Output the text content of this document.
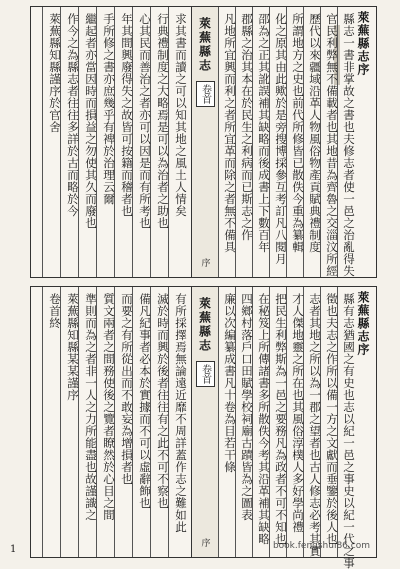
萊蕪縣志序
萊蕪縣志
卷首
序	縣志一書非掌故之書也夫修志者使一邑之治亂得失
官民利弊無不備載者也其地昔為齊魯之交淄汶所經
歷代以來疆域沿革人物風俗物產貢賦典禮制度
所謂地方之史也前代所修皆已散佚今重為纂輯
化之原其由此歟於是旁搜博採參互考訂凡八閱月
邵為之正其訛誤補其缺略而後成書上下數百年
郡縣之治其本在於民生之利病而已斯志之作
凡地所宜興而利之者所宜革而除之者無不備具
求其書而讀之可以知其地之風土人情矣
行典禮制度之大略焉是可以為治者之助也
心其民而善治之者亦可以因是而有所考也
年其間興廢得失之故皆可按籍而稽者也
手所修之書亦庶幾乎有裨於治理云爾
繼起者亦當因時而損益之勿使其久而廢也
作今之為縣志者往往多詳於古而略於今
萊蕪縣知縣謹序於官舍
萊蕪縣志序
萊蕪縣志
卷首
序	book.fengshui86.com
縣有志猶國之有史也志以紀一邑之事史以紀一代之事
徵也夫志之作所以備一方之文獻而垂鑒於後人也
志者其地之所以為一郡之望者也古人修志必考其實
才人傑地靈之所在也其風俗淳樸人多好學尚禮
把民生利弊斯為一邑之要務凡為政者不可不知也
在秘笈上所傳諸書多所散佚今考其沿革補其缺略
四鄉村落戶口田賦學校祠廟古蹟皆為之圖表
廉以次編纂成書凡十卷為目若干條
有所採擇焉無論遠近靡不周詳蓋作志之難如此
滅於時而興於後者往往有之此不可不察也
備凡紀事者必本於實據而不可以虛辭飾也
而要之有所從出而不敢妄為增損者也
質文兩者之間務使後之覽者瞭然於心目之間
準則而為之者非一人之力所能盡也故謹識之
萊蕪縣知縣某某謹序
卷首終
1
